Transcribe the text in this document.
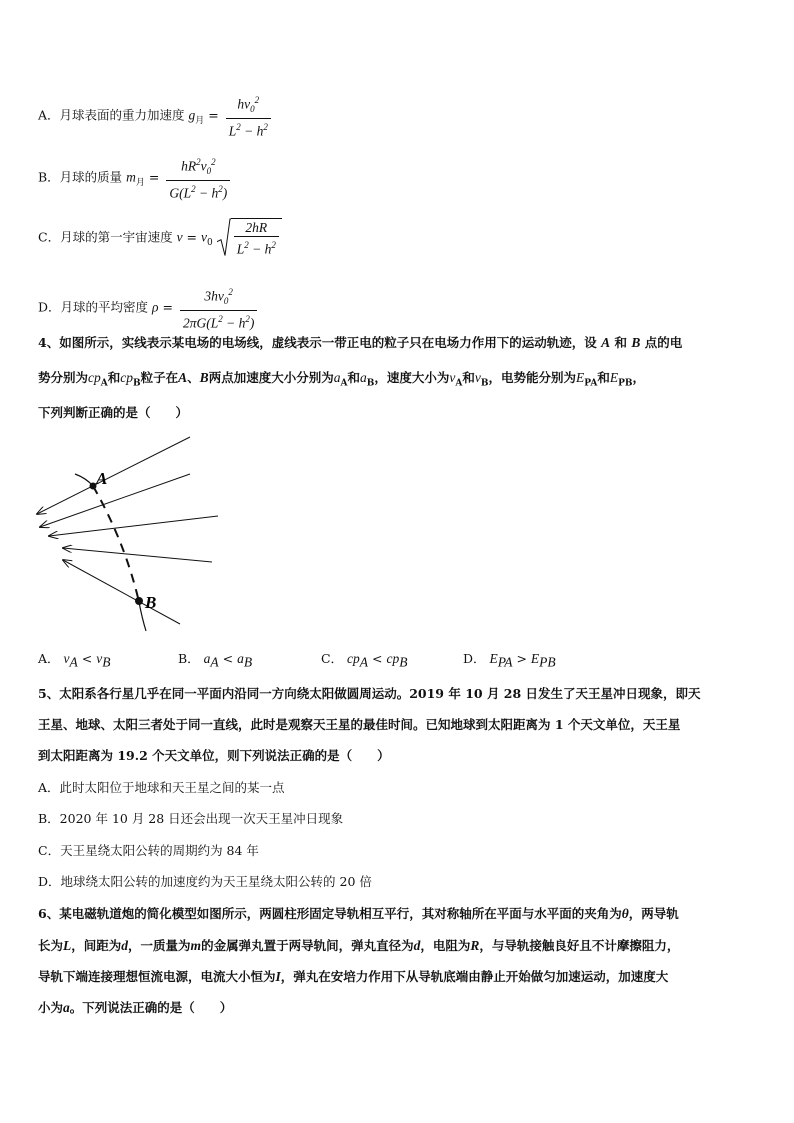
A．月球表面的重力加速度 $g_月 = \frac{hv_0^2}{L^2 - h^2}$
B．月球的质量 $m_月 = \frac{hR^2v_0^2}{G(L^2 - h^2)}$
C．月球的第一宇宙速度 $v = v_0 \frac{2hR}{L^2 - h^2}$
D．月球的平均密度 $\rho = \frac{3hv_0^2}{2\pi G(L^2 - h^2)}$
4、如图所示，实线表示某电场的电场线，虚线表示一带正电的粒子只在电场力作用下的运动轨迹，设 A 和 B 点的电
势分别为$cp_A$和$cp_B$粒子在A、B两点加速度大小分别为$a_A$和$a_B$，速度大小为$v_A$和$v_B$，电势能分别为$E_{PA}$和$E_{PB}$，
下列判断正确的是（　　）
A
B
A． $v_A < v_B$	B． $a_A < a_B$	C． $cp_A < cp_B$	D． $E_{PA} > E_{PB}$
5、太阳系各行星几乎在同一平面内沿同一方向绕太阳做圆周运动。2019 年 10 月 28 日发生了天王星冲日现象，即天
王星、地球、太阳三者处于同一直线，此时是观察天王星的最佳时间。已知地球到太阳距离为 1 个天文单位，天王星
到太阳距离为 19.2 个天文单位，则下列说法正确的是（　　）
A．此时太阳位于地球和天王星之间的某一点
B．2020 年 10 月 28 日还会出现一次天王星冲日现象
C．天王星绕太阳公转的周期约为 84 年
D．地球绕太阳公转的加速度约为天王星绕太阳公转的 20 倍
6、某电磁轨道炮的简化模型如图所示，两圆柱形固定导轨相互平行，其对称轴所在平面与水平面的夹角为θ，两导轨
长为L，间距为d，一质量为m的金属弹丸置于两导轨间，弹丸直径为d，电阻为R，与导轨接触良好且不计摩擦阻力，
导轨下端连接理想恒流电源，电流大小恒为I，弹丸在安培力作用下从导轨底端由静止开始做匀加速运动，加速度大
小为a。下列说法正确的是（　　）
